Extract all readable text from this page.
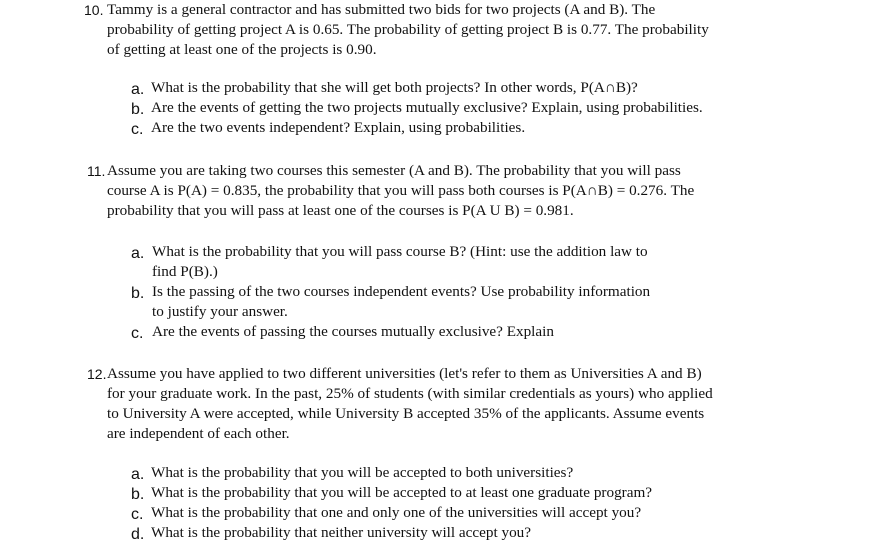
10. Tammy is a general contractor and has submitted two bids for two projects (A and B). The
probability of getting project A is 0.65. The probability of getting project B is 0.77. The probability
of getting at least one of the projects is 0.90.
a. What is the probability that she will get both projects? In other words, P(A∩B)?
b. Are the events of getting the two projects mutually exclusive? Explain, using probabilities.
c. Are the two events independent? Explain, using probabilities.
11. Assume you are taking two courses this semester (A and B). The probability that you will pass
course A is P(A) = 0.835, the probability that you will pass both courses is P(A∩B) = 0.276. The
probability that you will pass at least one of the courses is P(A U B) = 0.981.
a. What is the probability that you will pass course B? (Hint: use the addition law to
find P(B).)
b. Is the passing of the two courses independent events? Use probability information
to justify your answer.
c. Are the events of passing the courses mutually exclusive? Explain
12. Assume you have applied to two different universities (let's refer to them as Universities A and B)
for your graduate work. In the past, 25% of students (with similar credentials as yours) who applied
to University A were accepted, while University B accepted 35% of the applicants. Assume events
are independent of each other.
a. What is the probability that you will be accepted to both universities?
b. What is the probability that you will be accepted to at least one graduate program?
c. What is the probability that one and only one of the universities will accept you?
d. What is the probability that neither university will accept you?
